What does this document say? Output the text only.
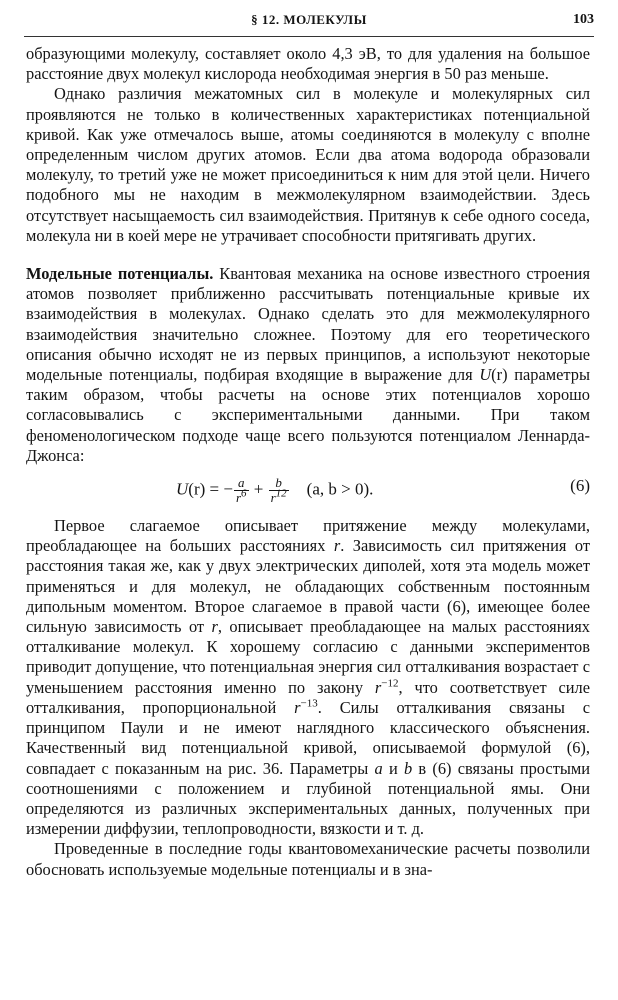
§ 12. МОЛЕКУЛЫ	103

образующими молекулу, составляет около 4,3 эВ, то для удаления на большое расстояние двух молекул кислорода необходимая энергия в 50 раз меньше.

Однако различия межатомных сил в молекуле и молекулярных сил проявляются не только в количественных характеристиках потенциальной кривой. Как уже отмечалось выше, атомы соединяются в молекулу с вполне определенным числом других атомов. Если два атома водорода образовали молекулу, то третий уже не может присоединиться к ним для этой цели. Ничего подобного мы не находим в межмолекулярном взаимодействии. Здесь отсутствует насыщаемость сил взаимодействия. Притянув к себе одного соседа, молекула ни в коей мере не утрачивает способности притягивать других.

Модельные потенциалы. Квантовая механика на основе известного строения атомов позволяет приближенно рассчитывать потенциальные кривые их взаимодействия в молекулах. Однако сделать это для межмолекулярного взаимодействия значительно сложнее. Поэтому для его теоретического описания обычно исходят не из первых принципов, а используют некоторые модельные потенциалы, подбирая входящие в выражение для U(r) параметры таким образом, чтобы расчеты на основе этих потенциалов хорошо согласовывались с экспериментальными данными. При таком феноменологическом подходе чаще всего пользуются потенциалом Леннарда-Джонса:

U(r) = − $\frac{a}{r^6} + \frac{b}{r^{12}} (a$, b > 0).	(6)

Первое слагаемое описывает притяжение между молекулами, преобладающее на больших расстояниях r. Зависимость сил притяжения от расстояния такая же, как у двух электрических диполей, хотя эта модель может применяться и для молекул, не обладающих собственным постоянным дипольным моментом. Второе слагаемое в правой части (6), имеющее более сильную зависимость от r, описывает преобладающее на малых расстояниях отталкивание молекул. К хорошему согласию с данными экспериментов приводит допущение, что потенциальная энергия сил отталкивания возрастает с уменьшением расстояния именно по закону $r^{-12}$, что соответствует силе отталкивания, пропорциональной $r^{-13}$. Силы отталкивания связаны с принципом Паули и не имеют наглядного классического объяснения. Качественный вид потенциальной кривой, описываемой формулой (6), совпадает с показанным на рис. 36. Параметры a и b в (6) связаны простыми соотношениями с положением и глубиной потенциальной ямы. Они определяются из различных экспериментальных данных, полученных при измерении диффузии, теплопроводности, вязкости и т. д.

Проведенные в последние годы квантовомеханические расчеты позволили обосновать используемые модельные потенциалы и в зна-
